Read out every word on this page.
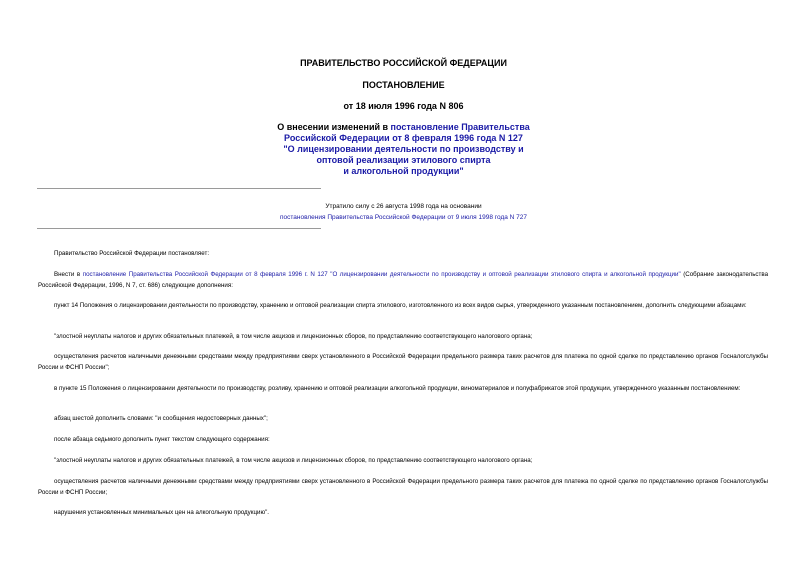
ПРАВИТЕЛЬСТВО РОССИЙСКОЙ ФЕДЕРАЦИИ
ПОСТАНОВЛЕНИЕ
от 18 июля 1996 года N 806
О внесении изменений в постановление Правительства
Российской Федерации от 8 февраля 1996 года N 127
"О лицензировании деятельности по производству и
оптовой реализации этилового спирта
и алкогольной продукции"
Утратило силу с 26 августа 1998 года на основании
постановления Правительства Российской Федерации от 9 июля 1998 года N 727
Правительство Российской Федерации постановляет:
Внести в постановление Правительства Российской Федерации от 8 февраля 1996 г. N 127 "О лицензировании деятельности по производству и оптовой реализации этилового спирта и алкогольной продукции" (Собрание законодательства Российской Федерации, 1996, N 7, ст. 686) следующие дополнения:
пункт 14 Положения о лицензировании деятельности по производству, хранению и оптовой реализации спирта этилового, изготовленного из всех видов сырья, утвержденного указанным постановлением, дополнить следующими абзацами:
"злостной неуплаты налогов и других обязательных платежей, в том числе акцизов и лицензионных сборов, по представлению соответствующего налогового органа;
осуществления расчетов наличными денежными средствами между предприятиями сверх установленного в Российской Федерации предельного размера таких расчетов для платежа по одной сделке по представлению органов Госналогслужбы России и ФСНП России";
в пункте 15 Положения о лицензировании деятельности по производству, розливу, хранению и оптовой реализации алкогольной продукции, виноматериалов и полуфабрикатов этой продукции, утвержденного указанным постановлением:
абзац шестой дополнить словами: "и сообщения недостоверных данных";
после абзаца седьмого дополнить пункт текстом следующего содержания:
"злостной неуплаты налогов и других обязательных платежей, в том числе акцизов и лицензионных сборов, по представлению соответствующего налогового органа;
осуществления расчетов наличными денежными средствами между предприятиями сверх установленного в Российской Федерации предельного размера таких расчетов для платежа по одной сделке по представлению органов Госналогслужбы России и ФСНП России;
нарушения установленных минимальных цен на алкогольную продукцию".
